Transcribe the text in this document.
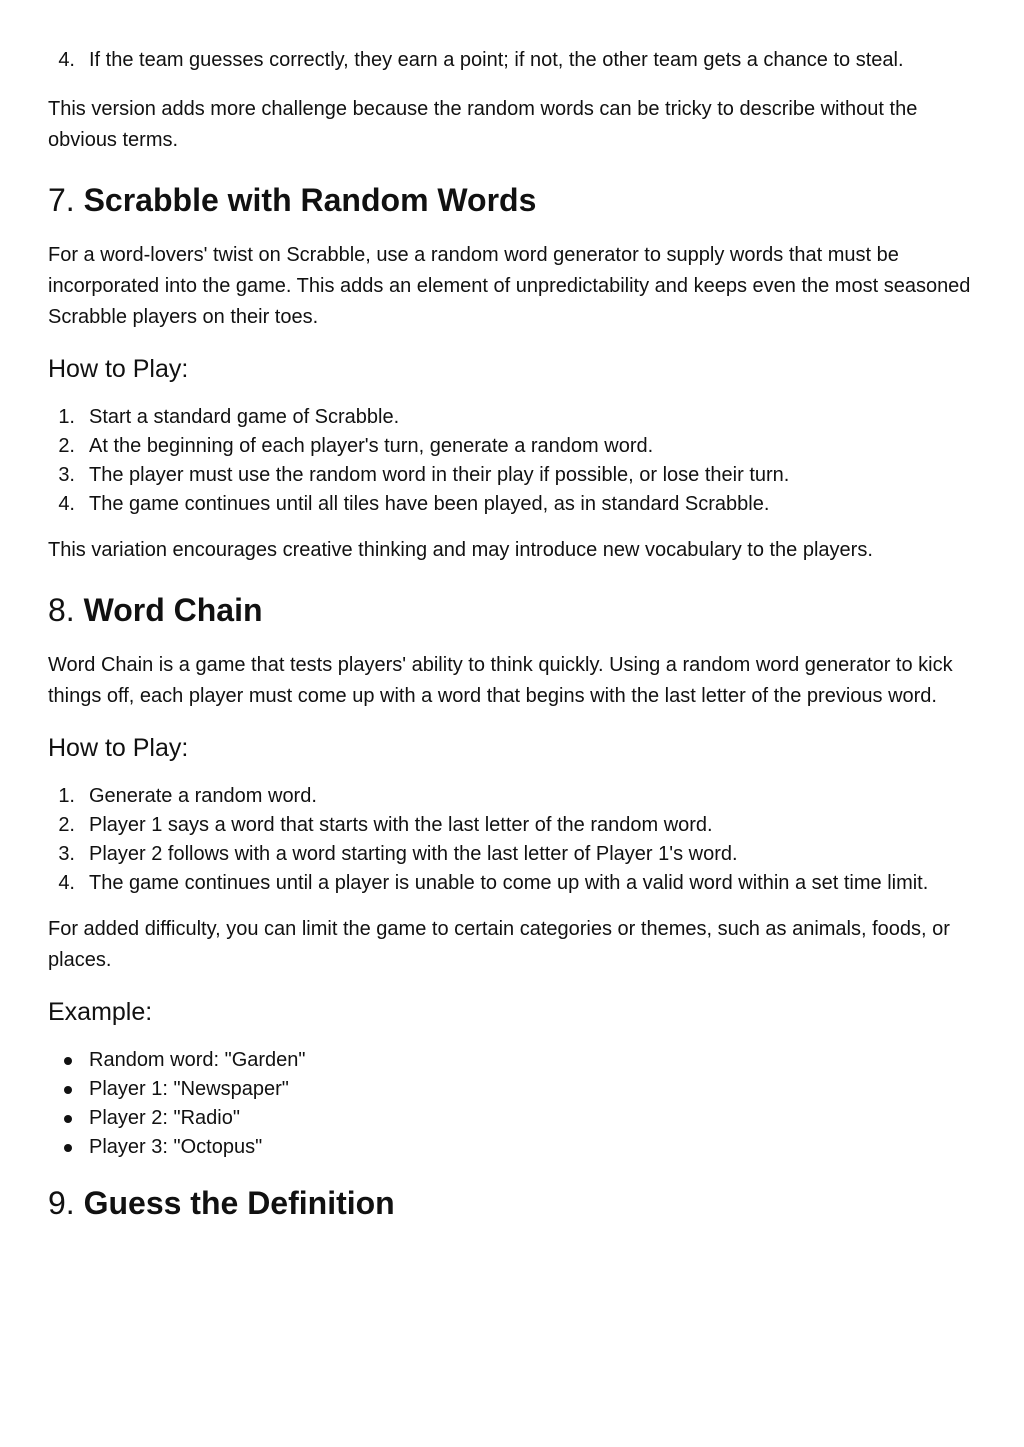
4. If the team guesses correctly, they earn a point; if not, the other team gets a chance to steal.

This version adds more challenge because the random words can be tricky to describe without the obvious terms.

7. Scrabble with Random Words

For a word-lovers' twist on Scrabble, use a random word generator to supply words that must be incorporated into the game. This adds an element of unpredictability and keeps even the most seasoned Scrabble players on their toes.

How to Play:
1. Start a standard game of Scrabble.
2. At the beginning of each player's turn, generate a random word.
3. The player must use the random word in their play if possible, or lose their turn.
4. The game continues until all tiles have been played, as in standard Scrabble.

This variation encourages creative thinking and may introduce new vocabulary to the players.

8. Word Chain

Word Chain is a game that tests players' ability to think quickly. Using a random word generator to kick things off, each player must come up with a word that begins with the last letter of the previous word.

How to Play:
1. Generate a random word.
2. Player 1 says a word that starts with the last letter of the random word.
3. Player 2 follows with a word starting with the last letter of Player 1's word.
4. The game continues until a player is unable to come up with a valid word within a set time limit.

For added difficulty, you can limit the game to certain categories or themes, such as animals, foods, or places.

Example:
Random word: "Garden"
Player 1: "Newspaper"
Player 2: "Radio"
Player 3: "Octopus"
9. Guess the Definition
